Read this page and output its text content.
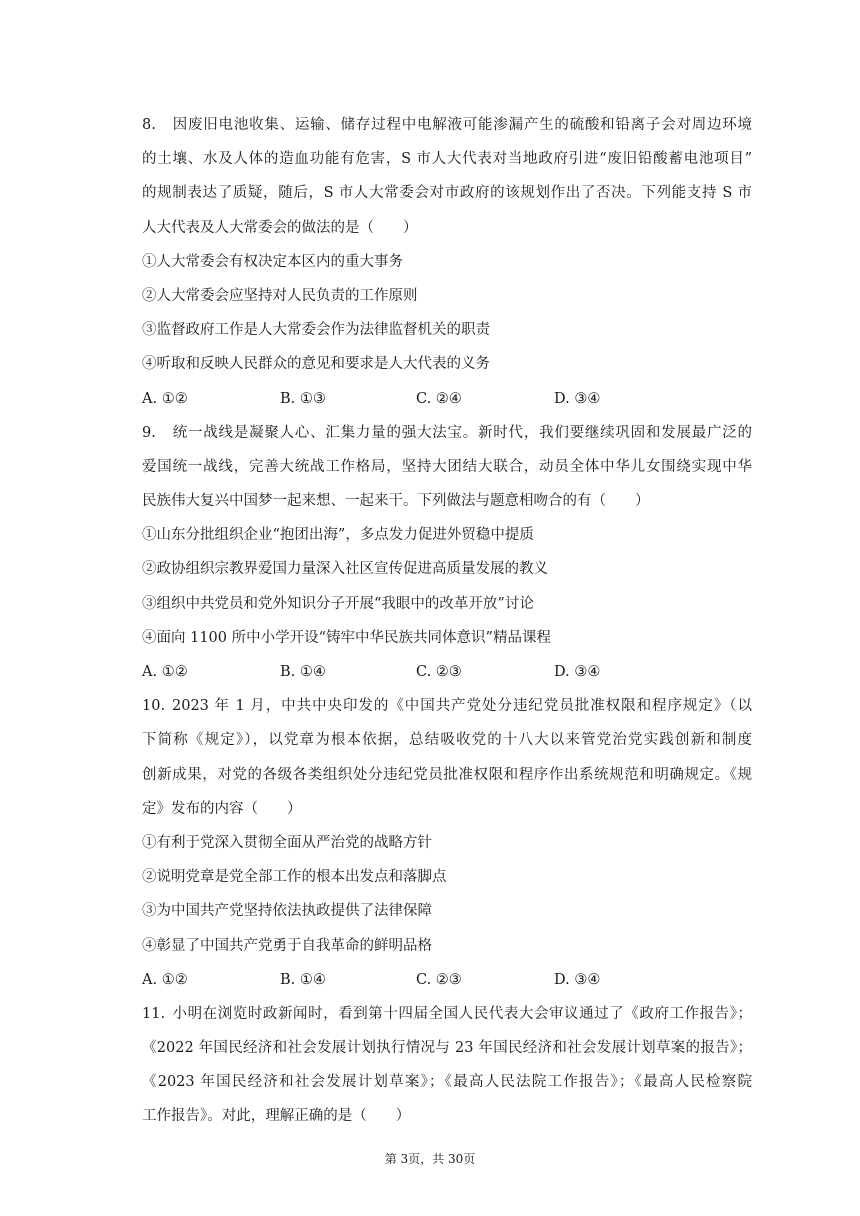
8. 因废旧电池收集、运输、储存过程中电解液可能渗漏产生的硫酸和铅离子会对周边环境
的土壤、水及人体的造血功能有危害，S 市人大代表对当地政府引进“废旧铅酸蓄电池项目”
的规制表达了质疑，随后，S 市人大常委会对市政府的该规划作出了否决。下列能支持 S 市
人大代表及人大常委会的做法的是（　　）
①人大常委会有权决定本区内的重大事务
②人大常委会应坚持对人民负责的工作原则
③监督政府工作是人大常委会作为法律监督机关的职责
④听取和反映人民群众的意见和要求是人大代表的义务
A. ①②	B. ①③	C. ②④	D. ③④
9. 统一战线是凝聚人心、汇集力量的强大法宝。新时代，我们要继续巩固和发展最广泛的
爱国统一战线，完善大统战工作格局，坚持大团结大联合，动员全体中华儿女围绕实现中华
民族伟大复兴中国梦一起来想、一起来干。下列做法与题意相吻合的有（　　）
①山东分批组织企业“抱团出海”，多点发力促进外贸稳中提质
②政协组织宗教界爱国力量深入社区宣传促进高质量发展的教义
③组织中共党员和党外知识分子开展“我眼中的改革开放”讨论
④面向 1100 所中小学开设“铸牢中华民族共同体意识”精品课程
A. ①②	B. ①④	C. ②③	D. ③④
10. 2023 年 1 月，中共中央印发的《中国共产党处分违纪党员批准权限和程序规定》（以
下简称《规定》），以党章为根本依据，总结吸收党的十八大以来管党治党实践创新和制度
创新成果，对党的各级各类组织处分违纪党员批准权限和程序作出系统规范和明确规定。《规
定》发布的内容（　　）
①有利于党深入贯彻全面从严治党的战略方针
②说明党章是党全部工作的根本出发点和落脚点
③为中国共产党坚持依法执政提供了法律保障
④彰显了中国共产党勇于自我革命的鲜明品格
A. ①②	B. ①④	C. ②③	D. ③④
11. 小明在浏览时政新闻时，看到第十四届全国人民代表大会审议通过了《政府工作报告》；
《2022 年国民经济和社会发展计划执行情况与 23 年国民经济和社会发展计划草案的报告》；
《2023 年国民经济和社会发展计划草案》；《最高人民法院工作报告》；《最高人民检察院
工作报告》。对此，理解正确的是（　　）
第 3页，共 30页
